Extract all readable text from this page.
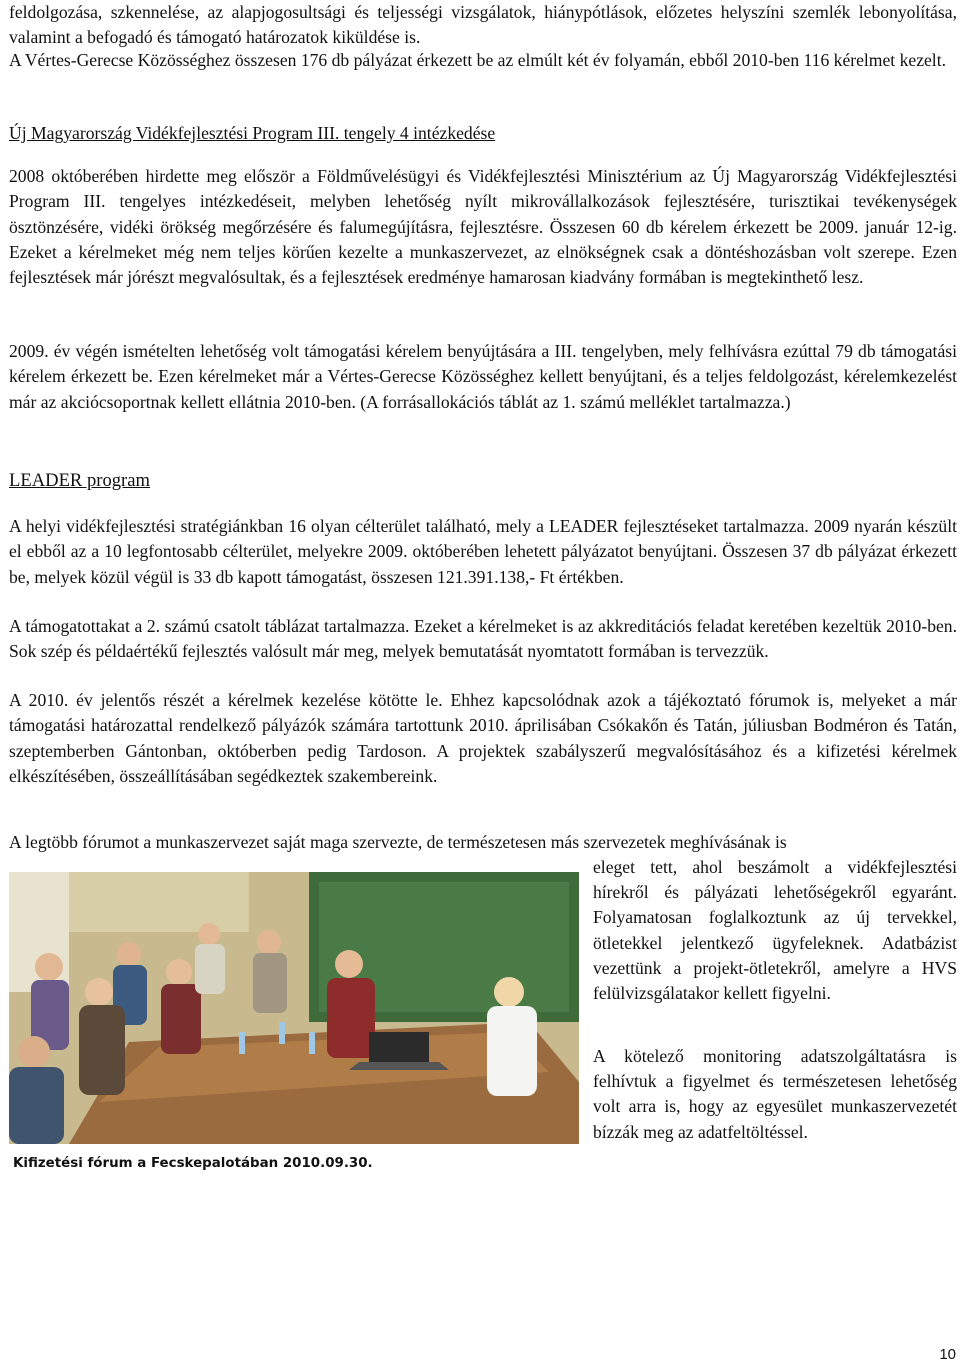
feldolgozása, szkennelése, az alapjogosultsági és teljességi vizsgálatok, hiánypótlások, előzetes helyszíni szemlék lebonyolítása, valamint a befogadó és támogató határozatok kiküldése is.

A Vértes-Gerecse Közösséghez összesen 176 db pályázat érkezett be az elmúlt két év folyamán, ebből 2010-ben 116 kérelmet kezelt.

Új Magyarország Vidékfejlesztési Program III. tengely 4 intézkedése

2008 októberében hirdette meg először a Földművelésügyi és Vidékfejlesztési Minisztérium az Új Magyarország Vidékfejlesztési Program III. tengelyes intézkedéseit, melyben lehetőség nyílt mikrovállalkozások fejlesztésére, turisztikai tevékenységek ösztönzésére, vidéki örökség megőrzésére és falumegújításra, fejlesztésre. Összesen 60 db kérelem érkezett be 2009. január 12-ig. Ezeket a kérelmeket még nem teljes körűen kezelte a munkaszervezet, az elnökségnek csak a döntéshozásban volt szerepe. Ezen fejlesztések már jórészt megvalósultak, és a fejlesztések eredménye hamarosan kiadvány formában is megtekinthető lesz.

2009. év végén ismételten lehetőség volt támogatási kérelem benyújtására a III. tengelyben, mely felhívásra ezúttal 79 db támogatási kérelem érkezett be. Ezen kérelmeket már a Vértes-Gerecse Közösséghez kellett benyújtani, és a teljes feldolgozást, kérelemkezelést már az akciócsoportnak kellett ellátnia 2010-ben. (A forrásallokációs táblát az 1. számú melléklet tartalmazza.)

LEADER program

A helyi vidékfejlesztési stratégiánkban 16 olyan célterület található, mely a LEADER fejlesztéseket tartalmazza. 2009 nyarán készült el ebből az a 10 legfontosabb célterület, melyekre 2009. októberében lehetett pályázatot benyújtani. Összesen 37 db pályázat érkezett be, melyek közül végül is 33 db kapott támogatást, összesen 121.391.138,- Ft értékben.

A támogatottakat a 2. számú csatolt táblázat tartalmazza. Ezeket a kérelmeket is az akkreditációs feladat keretében kezeltük 2010-ben. Sok szép és példaértékű fejlesztés valósult már meg, melyek bemutatását nyomtatott formában is tervezzük.

A 2010. év jelentős részét a kérelmek kezelése kötötte le. Ehhez kapcsolódnak azok a tájékoztató fórumok is, melyeket a már támogatási határozattal rendelkező pályázók számára tartottunk 2010. áprilisában Csókakőn és Tatán, júliusban Bodméron és Tatán, szeptemberben Gántonban, októberben pedig Tardoson. A projektek szabályszerű megvalósításához és a kifizetési kérelmek elkészítésében, összeállításában segédkeztek szakembereink.

A legtöbb fórumot a munkaszervezet saját maga szervezte, de természetesen más szervezetek meghívásának is

eleget tett, ahol beszámolt a vidékfejlesztési hírekről és pályázati lehetőségekről egyaránt. Folyamatosan foglalkoztunk az új tervekkel, ötletekkel jelentkező ügyfeleknek. Adatbázist vezettünk a projekt-ötletekről, amelyre a HVS felülvizsgálatakor kellett figyelni.

A kötelező monitoring adatszolgáltatásra is felhívtuk a figyelmet és természetesen lehetőség volt arra is, hogy az egyesület munkaszervezetét bízzák meg az adatfeltöltéssel.

Kifizetési fórum a Fecskepalotában 2010.09.30.
10
